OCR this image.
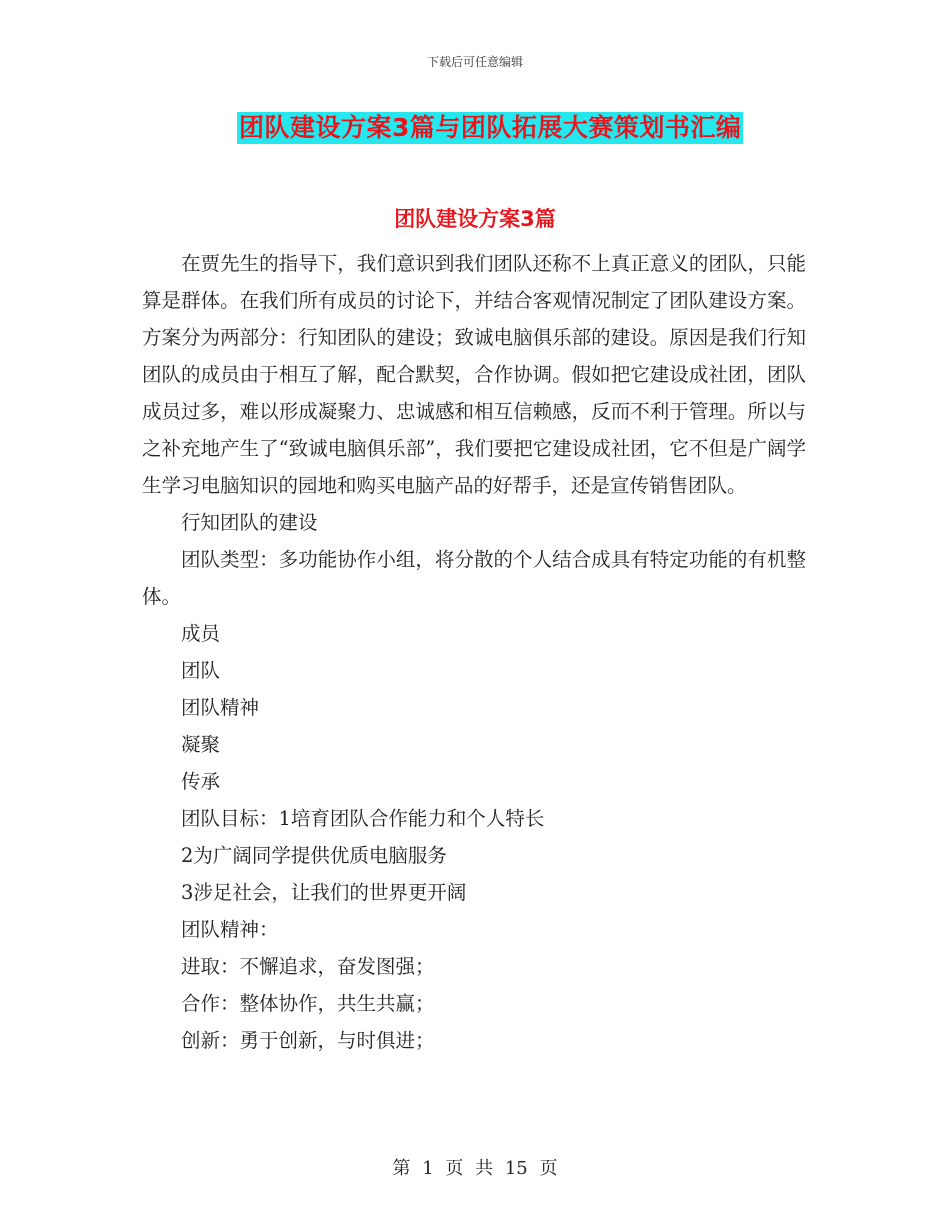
下载后可任意编辑
团队建设方案3篇与团队拓展大赛策划书汇编
团队建设方案3篇

在贾先生的指导下，我们意识到我们团队还称不上真正意义的团队，只能算是群体。在我们所有成员的讨论下，并结合客观情况制定了团队建设方案。方案分为两部分：行知团队的建设；致诚电脑俱乐部的建设。原因是我们行知团队的成员由于相互了解，配合默契，合作协调。假如把它建设成社团，团队成员过多，难以形成凝聚力、忠诚感和相互信赖感，反而不利于管理。所以与之补充地产生了“致诚电脑俱乐部”，我们要把它建设成社团，它不但是广阔学生学习电脑知识的园地和购买电脑产品的好帮手，还是宣传销售团队。

行知团队的建设

团队类型：多功能协作小组，将分散的个人结合成具有特定功能的有机整体。

成员

团队

团队精神

凝聚

传承

团队目标：1培育团队合作能力和个人特长

2为广阔同学提供优质电脑服务

3涉足社会，让我们的世界更开阔

团队精神：

进取：不懈追求，奋发图强；

合作：整体协作，共生共赢；

创新：勇于创新，与时俱进；

第 1 页 共 15 页
